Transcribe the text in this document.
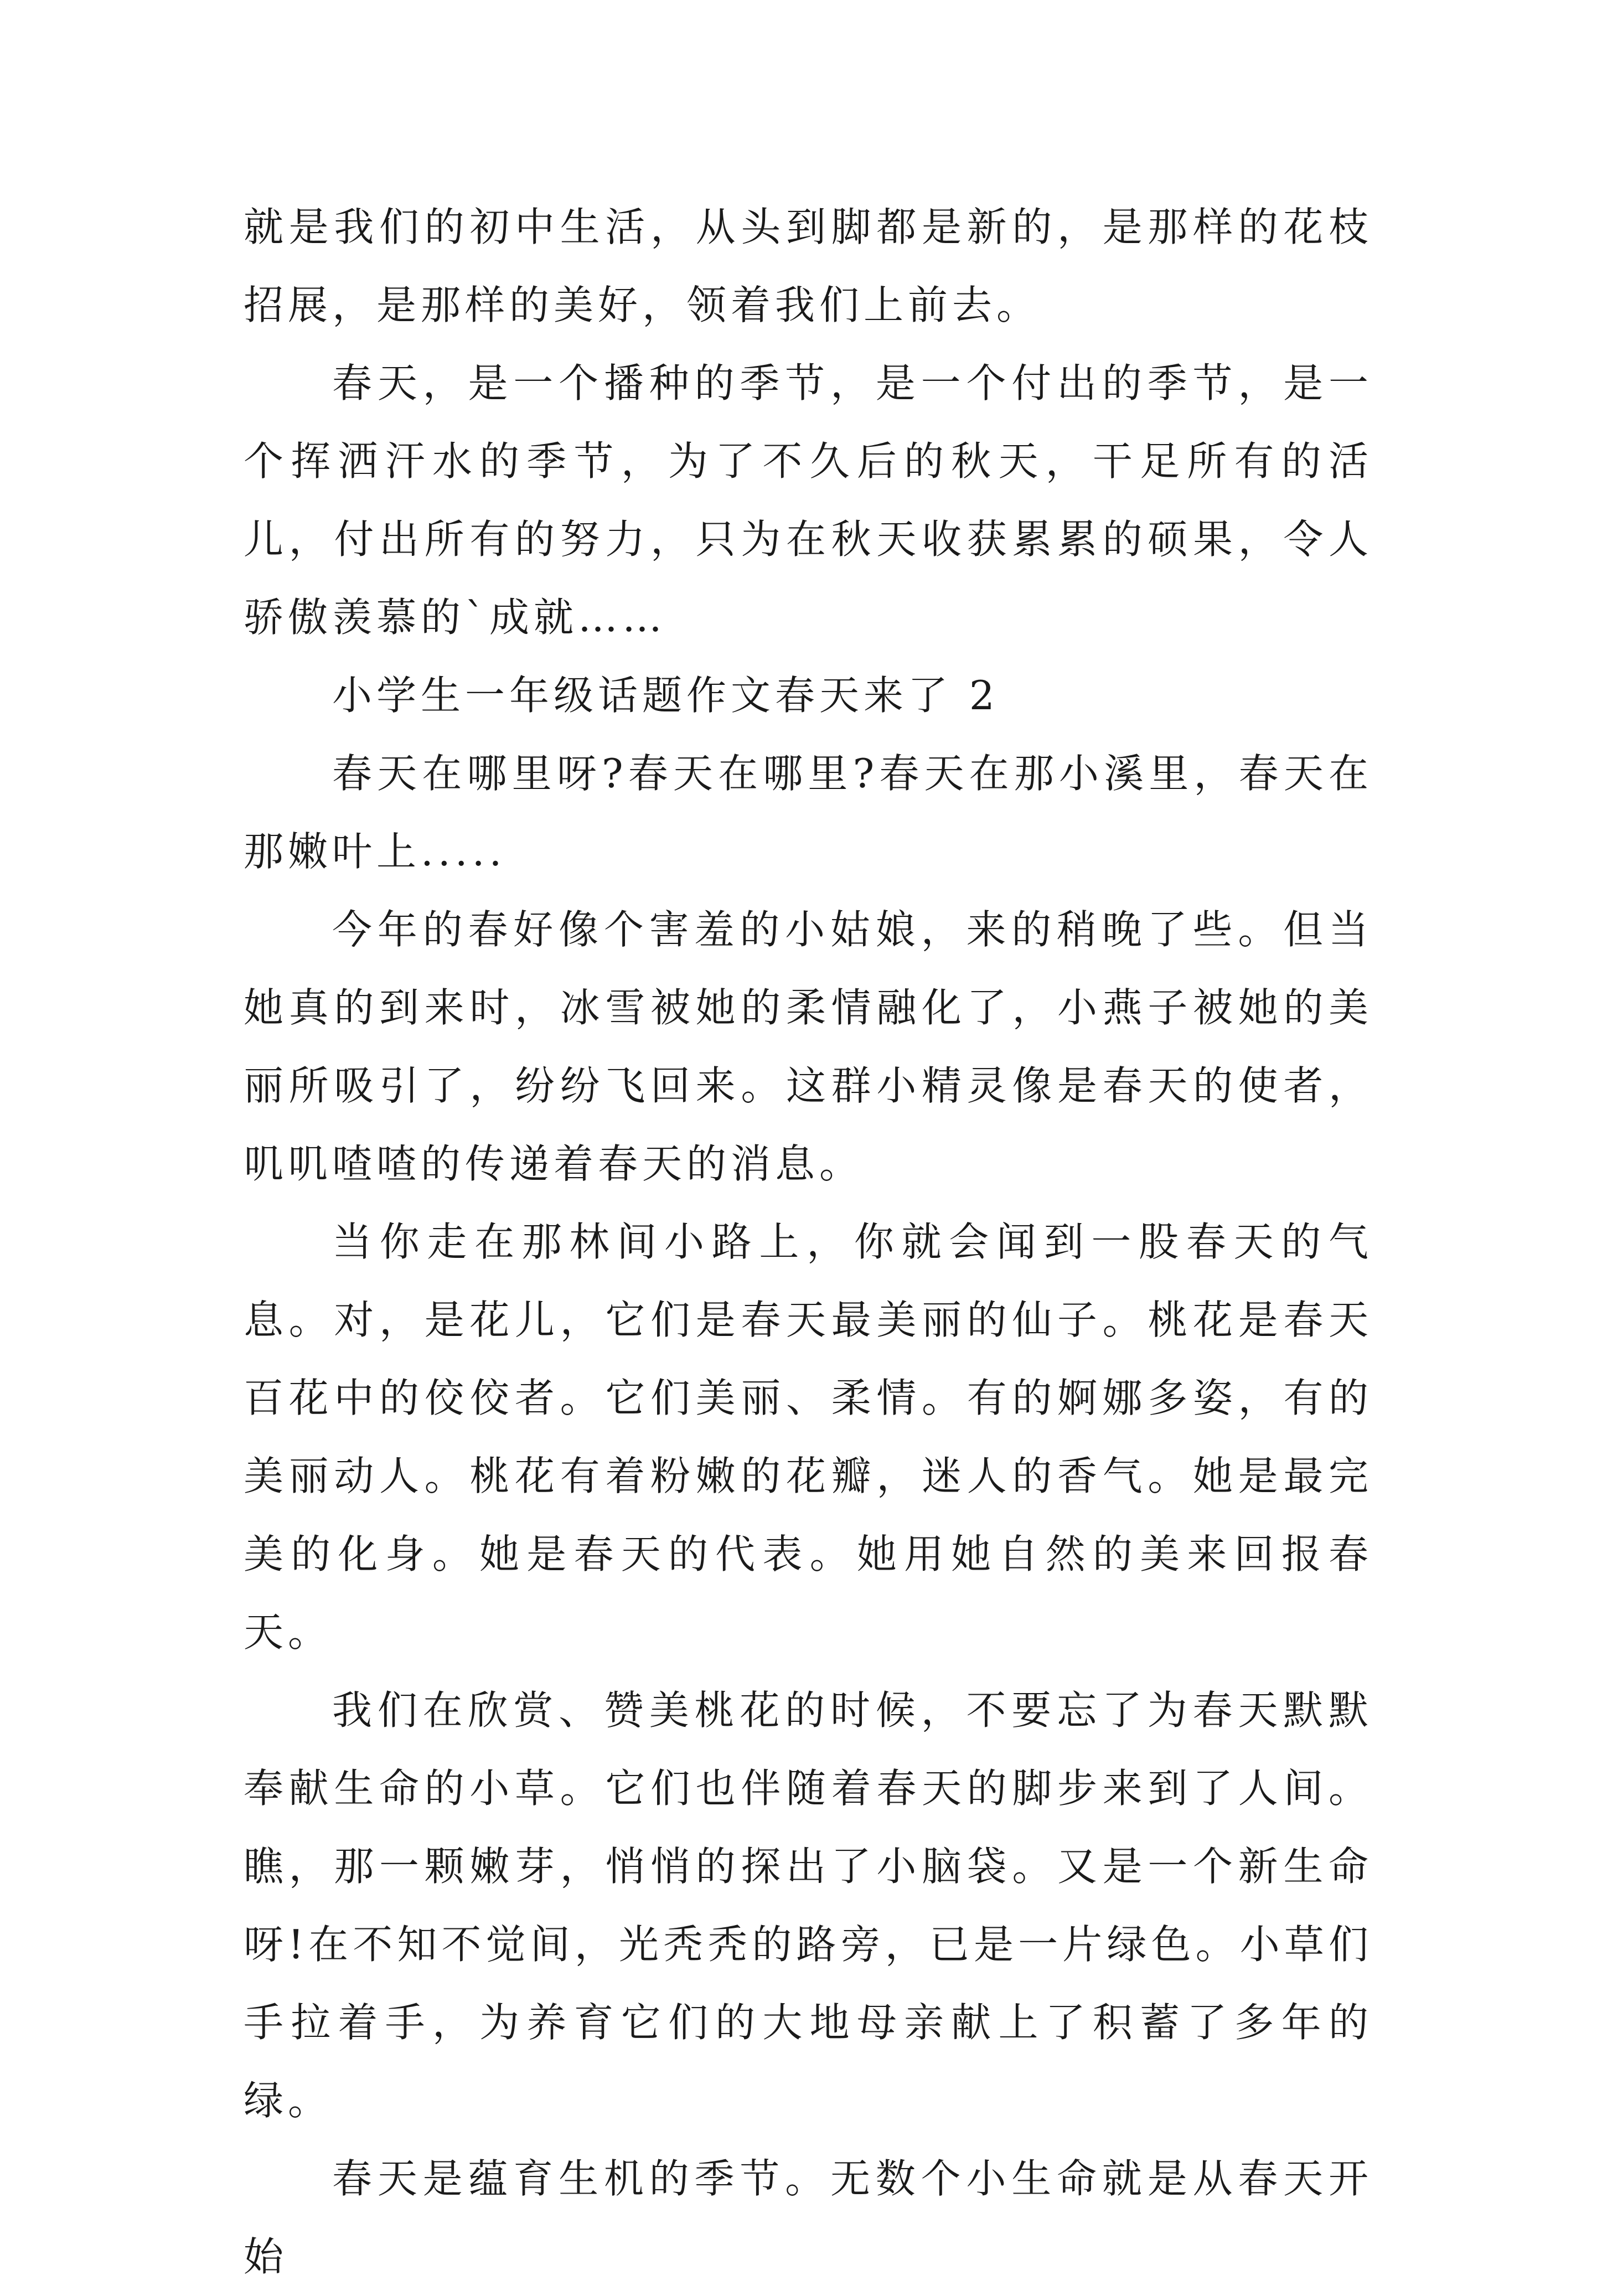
就是我们的初中生活，从头到脚都是新的，是那样的花枝招展，是那样的美好，领着我们上前去。

春天，是一个播种的季节，是一个付出的季节，是一个挥洒汗水的季节，为了不久后的秋天，干足所有的活儿，付出所有的努力，只为在秋天收获累累的硕果，令人骄傲羡慕的`成就……

小学生一年级话题作文春天来了 2

春天在哪里呀?春天在哪里?春天在那小溪里，春天在那嫩叶上.....

今年的春好像个害羞的小姑娘，来的稍晚了些。但当她真的到来时，冰雪被她的柔情融化了，小燕子被她的美丽所吸引了，纷纷飞回来。这群小精灵像是春天的使者，叽叽喳喳的传递着春天的消息。

当你走在那林间小路上，你就会闻到一股春天的气息。对，是花儿，它们是春天最美丽的仙子。桃花是春天百花中的佼佼者。它们美丽、柔情。有的婀娜多姿，有的美丽动人。桃花有着粉嫩的花瓣，迷人的香气。她是最完美的化身。她是春天的代表。她用她自然的美来回报春天。

我们在欣赏、赞美桃花的时候，不要忘了为春天默默奉献生命的小草。它们也伴随着春天的脚步来到了人间。瞧，那一颗嫩芽，悄悄的探出了小脑袋。又是一个新生命呀!在不知不觉间，光秃秃的路旁，已是一片绿色。小草们手拉着手，为养育它们的大地母亲献上了积蓄了多年的绿。

春天是蕴育生机的季节。无数个小生命就是从春天开始
